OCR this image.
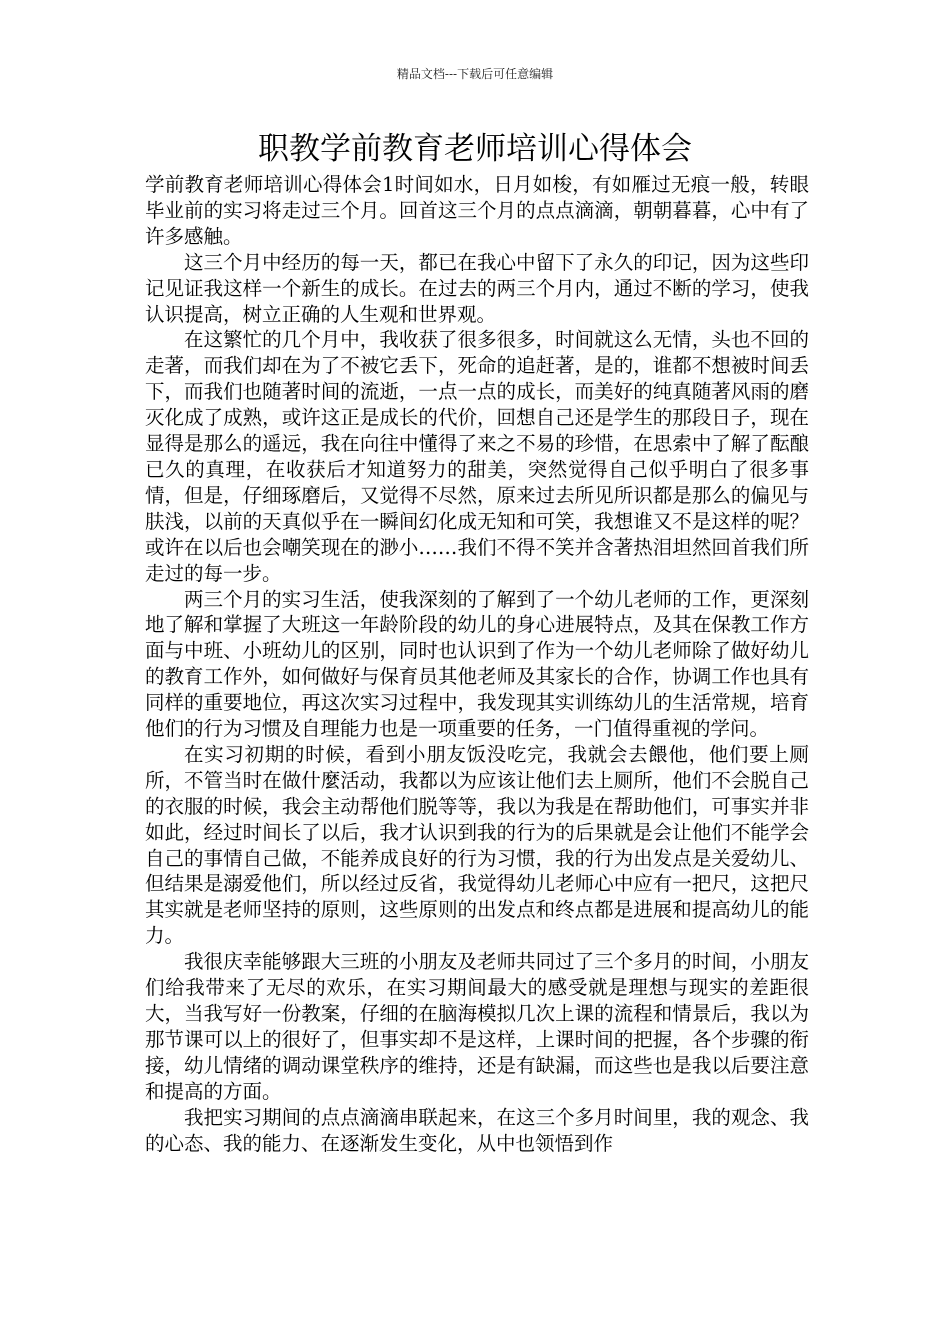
精品文档---下载后可任意编辑
职教学前教育老师培训心得体会

学前教育老师培训心得体会1时间如水，日月如梭，有如雁过无痕一般，转眼毕业前的实习将走过三个月。回首这三个月的点点滴滴，朝朝暮暮，心中有了许多感触。

这三个月中经历的每一天，都已在我心中留下了永久的印记，因为这些印记见证我这样一个新生的成长。在过去的两三个月内，通过不断的学习，使我认识提高，树立正确的人生观和世界观。

在这繁忙的几个月中，我收获了很多很多，时间就这么无情，头也不回的走著，而我们却在为了不被它丢下，死命的追赶著，是的，谁都不想被时间丢下，而我们也随著时间的流逝，一点一点的成长，而美好的纯真随著风雨的磨灭化成了成熟，或许这正是成长的代价，回想自己还是学生的那段日子，现在显得是那么的遥远，我在向往中懂得了来之不易的珍惜，在思索中了解了酝酿已久的真理，在收获后才知道努力的甜美，突然觉得自己似乎明白了很多事情，但是，仔细琢磨后，又觉得不尽然，原来过去所见所识都是那么的偏见与肤浅，以前的天真似乎在一瞬间幻化成无知和可笑，我想谁又不是这样的呢？或许在以后也会嘲笑现在的渺小……我们不得不笑并含著热泪坦然回首我们所走过的每一步。

两三个月的实习生活，使我深刻的了解到了一个幼儿老师的工作，更深刻地了解和掌握了大班这一年龄阶段的幼儿的身心进展特点，及其在保教工作方面与中班、小班幼儿的区别，同时也认识到了作为一个幼儿老师除了做好幼儿的教育工作外，如何做好与保育员其他老师及其家长的合作，协调工作也具有同样的重要地位，再这次实习过程中，我发现其实训练幼儿的生活常规，培育他们的行为习惯及自理能力也是一项重要的任务，一门值得重视的学问。

在实习初期的时候，看到小朋友饭没吃完，我就会去餵他，他们要上厕所，不管当时在做什麼活动，我都以为应该让他们去上厕所，他们不会脱自己的衣服的时候，我会主动帮他们脱等等，我以为我是在帮助他们，可事实并非如此，经过时间长了以后，我才认识到我的行为的后果就是会让他们不能学会自己的事情自己做，不能养成良好的行为习惯，我的行为出发点是关爱幼儿、但结果是溺爱他们，所以经过反省，我觉得幼儿老师心中应有一把尺，这把尺其实就是老师坚持的原则，这些原则的出发点和终点都是进展和提高幼儿的能力。

我很庆幸能够跟大三班的小朋友及老师共同过了三个多月的时间，小朋友们给我带来了无尽的欢乐，在实习期间最大的感受就是理想与现实的差距很大，当我写好一份教案，仔细的在脑海模拟几次上课的流程和情景后，我以为那节课可以上的很好了，但事实却不是这样，上课时间的把握，各个步骤的衔接，幼儿情绪的调动课堂秩序的维持，还是有缺漏，而这些也是我以后要注意和提高的方面。

我把实习期间的点点滴滴串联起来，在这三个多月时间里，我的观念、我的心态、我的能力、在逐渐发生变化，从中也领悟到作
